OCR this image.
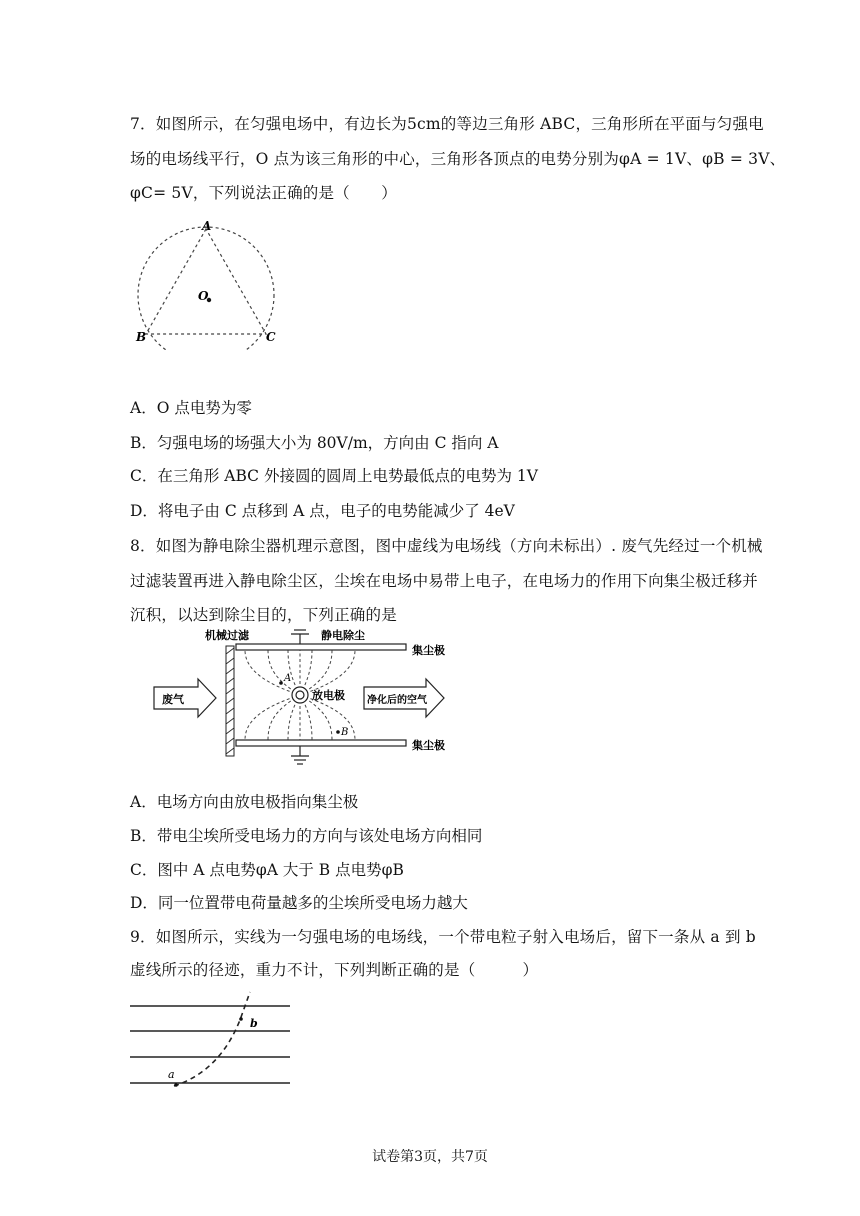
7．如图所示，在匀强电场中，有边长为5cm的等边三角形 ABC，三角形所在平面与匀强电
场的电场线平行，O 点为该三角形的中心，三角形各顶点的电势分别为φA = 1V、φB = 3V、
φC= 5V，下列说法正确的是（　　）
A
B	C
O
A．O 点电势为零
B．匀强电场的场强大小为 80V/m，方向由 C 指向 A
C．在三角形 ABC 外接圆的圆周上电势最低点的电势为 1V
D．将电子由 C 点移到 A 点，电子的电势能减少了 4eV
8．如图为静电除尘器机理示意图，图中虚线为电场线（方向未标出）. 废气先经过一个机械
过滤装置再进入静电除尘区，尘埃在电场中易带上电子，在电场力的作用下向集尘极迁移并
沉积，以达到除尘目的，下列正确的是
机械过滤	静电除尘
集尘极
集尘极
放电极
A
B
废气	净化后的空气
A．电场方向由放电极指向集尘极
B．带电尘埃所受电场力的方向与该处电场方向相同
C．图中 A 点电势φA 大于 B 点电势φB
D．同一位置带电荷量越多的尘埃所受电场力越大
9．如图所示，实线为一匀强电场的电场线，一个带电粒子射入电场后，留下一条从 a 到 b
虚线所示的径迹，重力不计，下列判断正确的是（　　　）
a
b
试卷第3页，共7页
